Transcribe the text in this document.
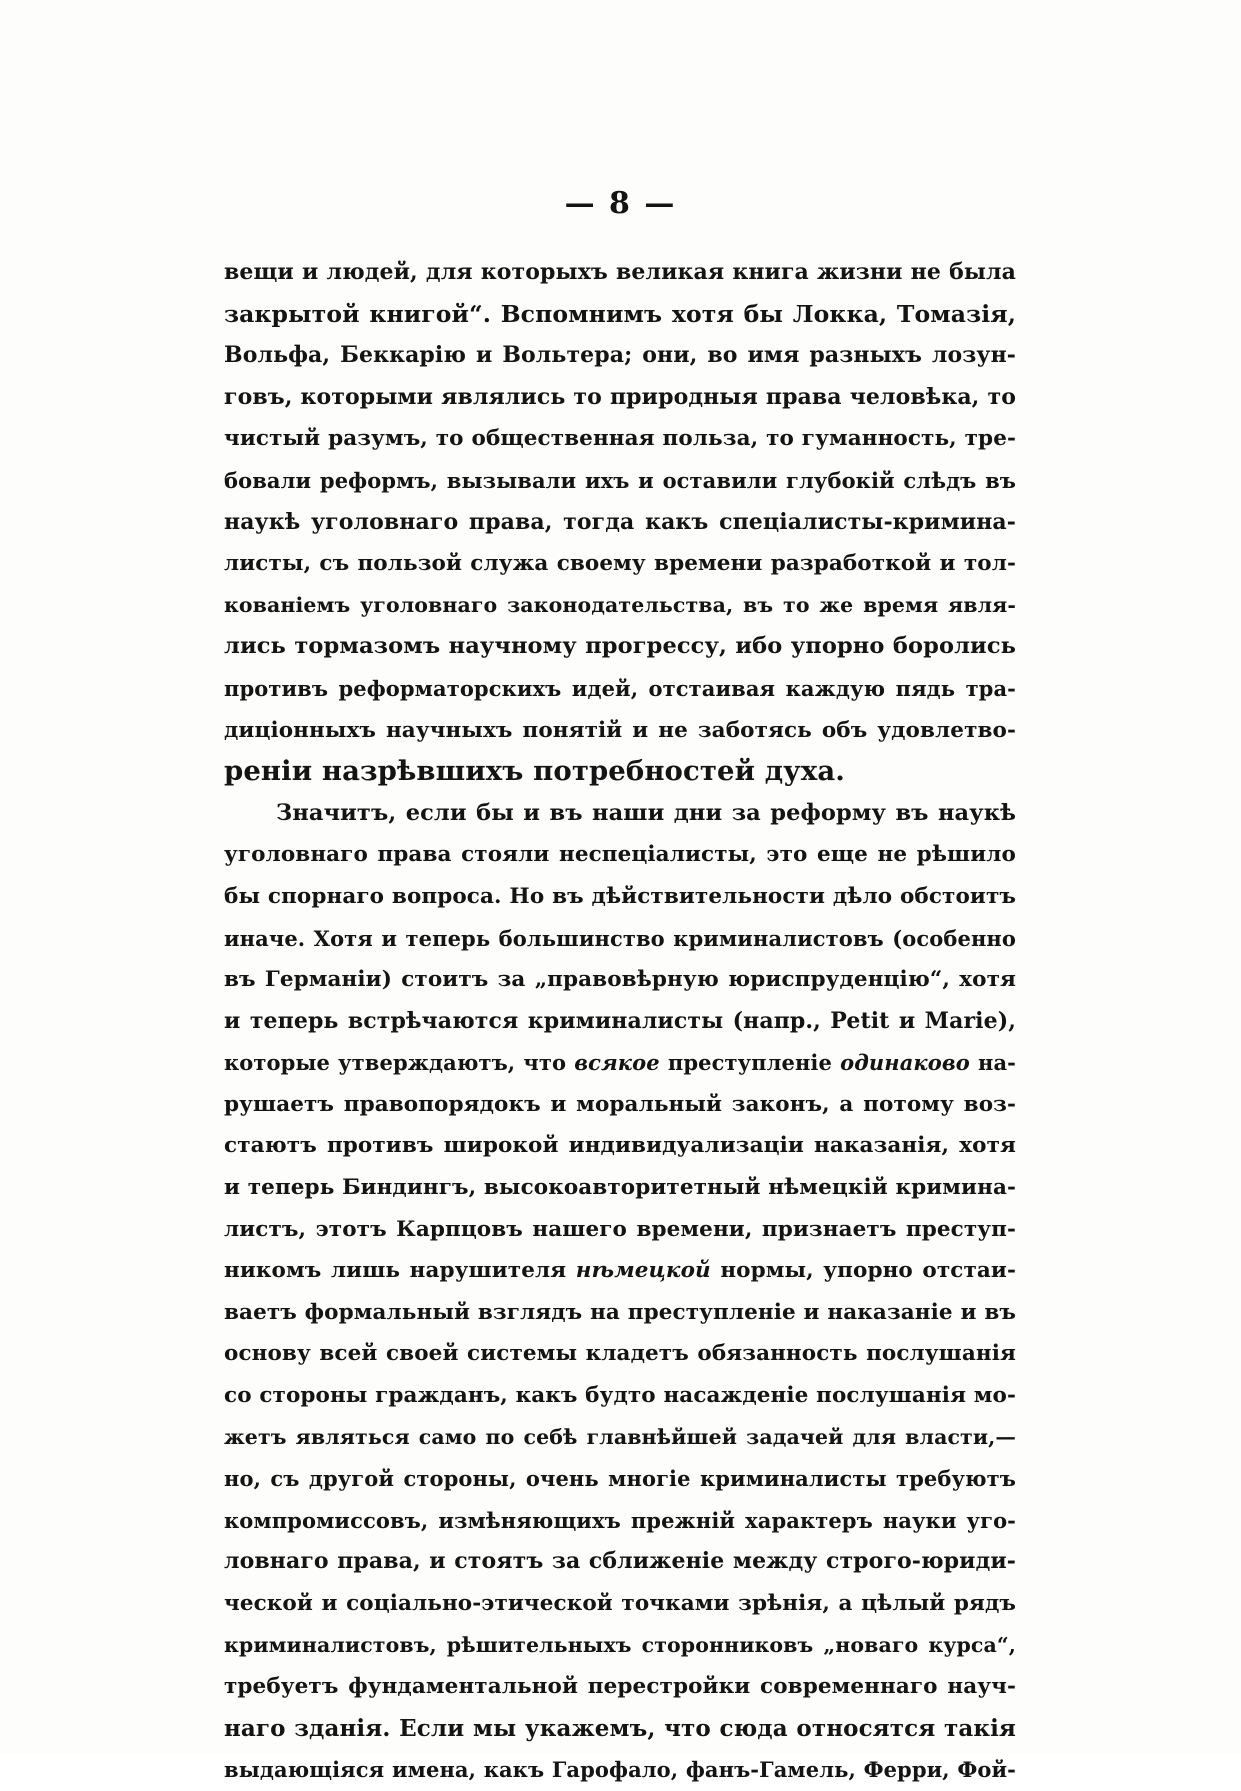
— 8 —
вещи и людей, для которыхъ великая книга жизни не была
закрытой книгой“. Вспомнимъ хотя бы Локка, Томазія,
Вольфа, Беккарію и Вольтера; они, во имя разныхъ лозун-
говъ, которыми являлись то природныя права человѣка, то
чистый разумъ, то общественная польза, то гуманность, тре-
бовали реформъ, вызывали ихъ и оставили глубокій слѣдъ въ
наукѣ уголовнаго права, тогда какъ спеціалисты-кримина-
листы, съ пользой служа своему времени разработкой и тол-
кованіемъ уголовнаго законодательства, въ то же время явля-
лись тормазомъ научному прогрессу, ибо упорно боролись
противъ реформаторскихъ идей, отстаивая каждую пядь тра-
диціонныхъ научныхъ понятій и не заботясь объ удовлетво-
реніи назрѣвшихъ потребностей духа.
Значитъ, если бы и въ наши дни за реформу въ наукѣ
уголовнаго права стояли неспеціалисты, это еще не рѣшило
бы спорнаго вопроса. Но въ дѣйствительности дѣло обстоитъ
иначе. Хотя и теперь большинство криминалистовъ (особенно
въ Германіи) стоитъ за „правовѣрную юриспруденцію“, хотя
и теперь встрѣчаются криминалисты (напр., Petit и Marie),
которые утверждаютъ, что всякое преступленіе одинаково на-
рушаетъ правопорядокъ и моральный законъ, а потому воз-
стаютъ противъ широкой индивидуализаціи наказанія, хотя
и теперь Биндингъ, высокоавторитетный нѣмецкій кримина-
листъ, этотъ Карпцовъ нашего времени, признаетъ преступ-
никомъ лишь нарушителя нѣмецкой нормы, упорно отстаи-
ваетъ формальный взглядъ на преступленіе и наказаніе и въ
основу всей своей системы кладетъ обязанность послушанія
со стороны гражданъ, какъ будто насажденіе послушанія мо-
жетъ являться само по себѣ главнѣйшей задачей для власти,—
но, съ другой стороны, очень многіе криминалисты требуютъ
компромиссовъ, измѣняющихъ прежній характеръ науки уго-
ловнаго права, и стоятъ за сближеніе между строго-юриди-
ческой и соціально-этической точками зрѣнія, а цѣлый рядъ
криминалистовъ, рѣшительныхъ сторонниковъ „новаго курса“,
требуетъ фундаментальной перестройки современнаго науч-
наго зданія. Если мы укажемъ, что сюда относятся такія
выдающіяся имена, какъ Гарофало, фанъ-Гамель, Ферри, Фой-
